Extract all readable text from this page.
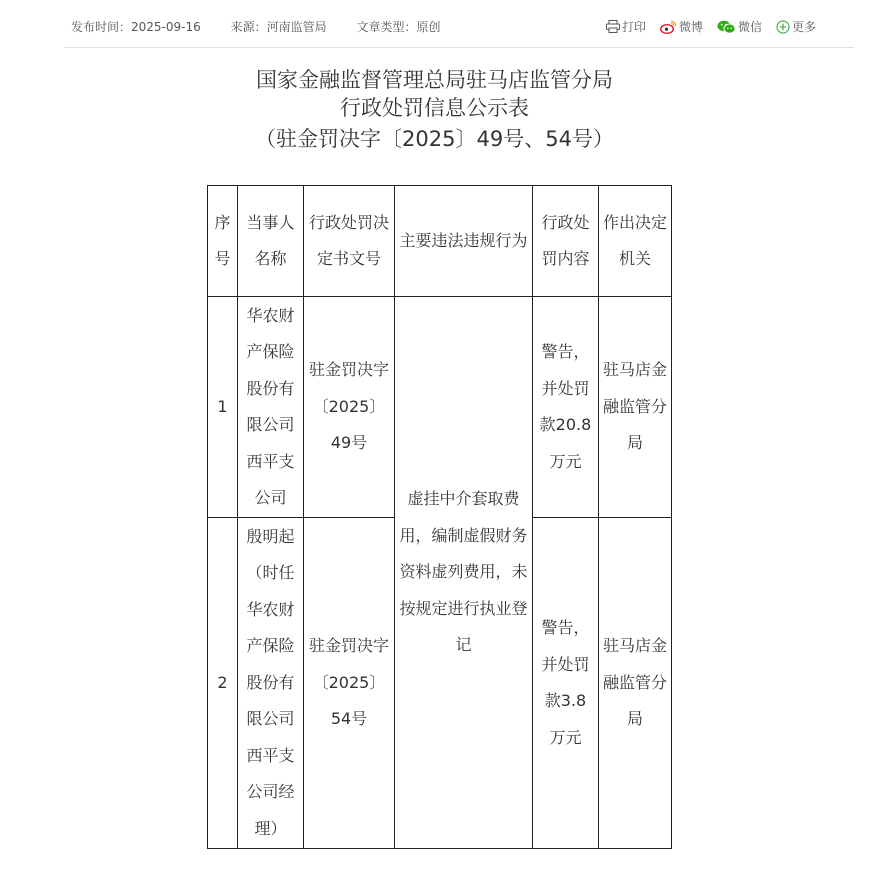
发布时间：2025-09-16 来源：河南监管局 文章类型：原创	打印	微博	微信	更多
国家金融监督管理总局驻马店监管分局
行政处罚信息公示表
（驻金罚决字〔2025〕49号、54号）
序号	当事人名称	行政处罚决定书文号	主要违法违规行为	行政处罚内容	作出决定机关
1	华农财产保险股份有限公司西平支公司	驻金罚决字〔2025〕49号	虚挂中介套取费用，编制虚假财务资料虚列费用，未按规定进行执业登记	警告，并处罚款20.8万元	驻马店金融监管分局
2	殷明起（时任华农财产保险股份有限公司西平支公司经理）	驻金罚决字〔2025〕54号		警告，并处罚款3.8万元	驻马店金融监管分局
